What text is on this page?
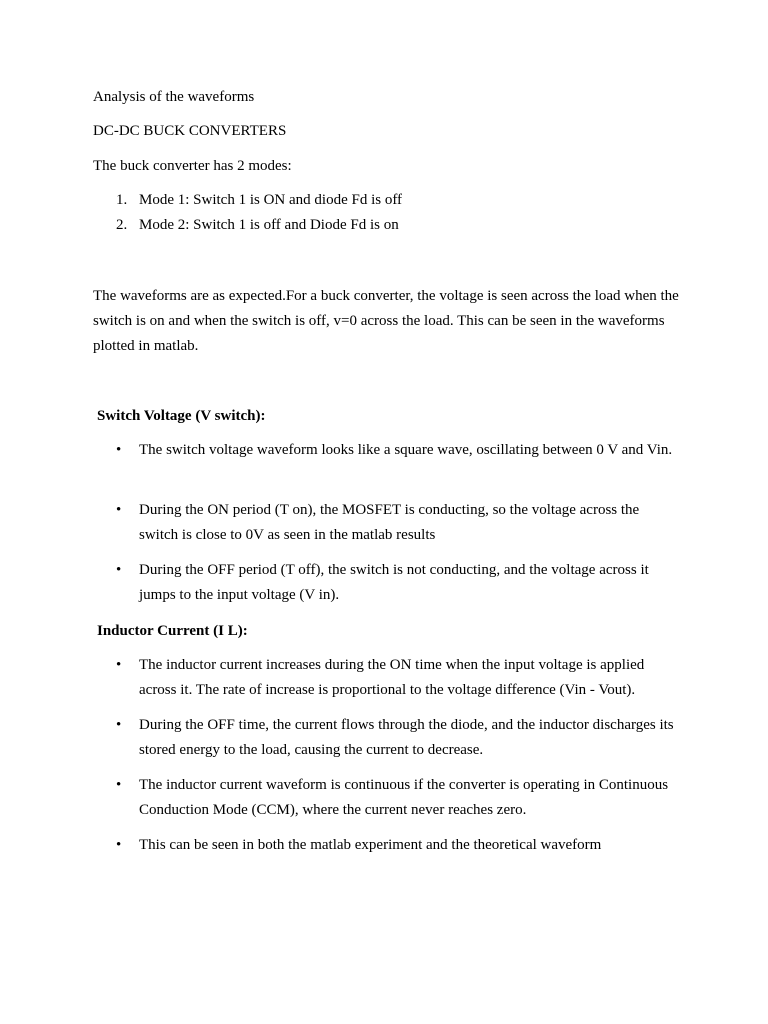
Analysis of the waveforms
DC-DC BUCK CONVERTERS
The buck converter has 2 modes:
1. Mode 1: Switch 1 is ON and diode Fd is off
2. Mode 2: Switch 1 is off and Diode Fd is on
The waveforms are as expected.For a buck converter, the voltage is seen across the load when the switch is on and when the switch is off, v=0 across the load. This can be seen in the waveforms plotted in matlab.
Switch Voltage (V switch):
•	The switch voltage waveform looks like a square wave, oscillating between 0 V and Vin.
•	During the ON period (T on), the MOSFET is conducting, so the voltage across the switch is close to 0V as seen in the matlab results
•	During the OFF period (T off), the switch is not conducting, and the voltage across it jumps to the input voltage (V in).
Inductor Current (I L):
•	The inductor current increases during the ON time when the input voltage is applied across it. The rate of increase is proportional to the voltage difference (Vin - Vout).
•	During the OFF time, the current flows through the diode, and the inductor discharges its stored energy to the load, causing the current to decrease.
•	The inductor current waveform is continuous if the converter is operating in Continuous Conduction Mode (CCM), where the current never reaches zero.
•	This can be seen in both the matlab experiment and the theoretical waveform
